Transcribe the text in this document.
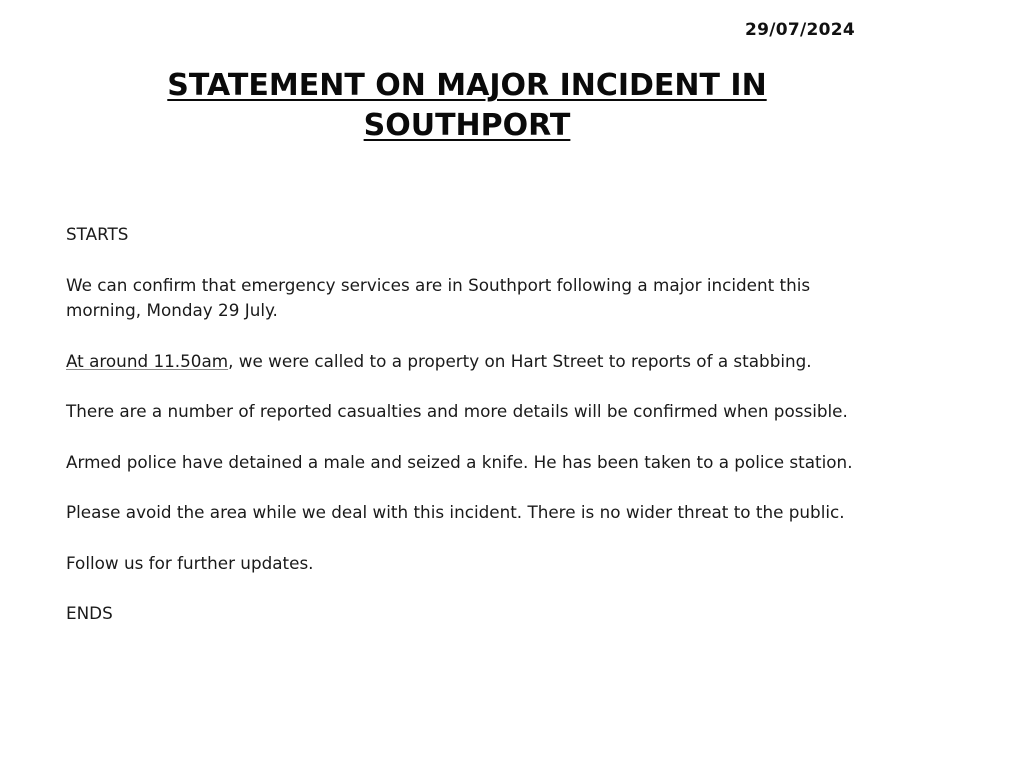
29/07/2024
STATEMENT ON MAJOR INCIDENT IN SOUTHPORT

STARTS

We can confirm that emergency services are in Southport following a major incident this morning, Monday 29 July.

At around 11.50am, we were called to a property on Hart Street to reports of a stabbing.

There are a number of reported casualties and more details will be confirmed when possible.

Armed police have detained a male and seized a knife. He has been taken to a police station.

Please avoid the area while we deal with this incident. There is no wider threat to the public.

Follow us for further updates.

ENDS
